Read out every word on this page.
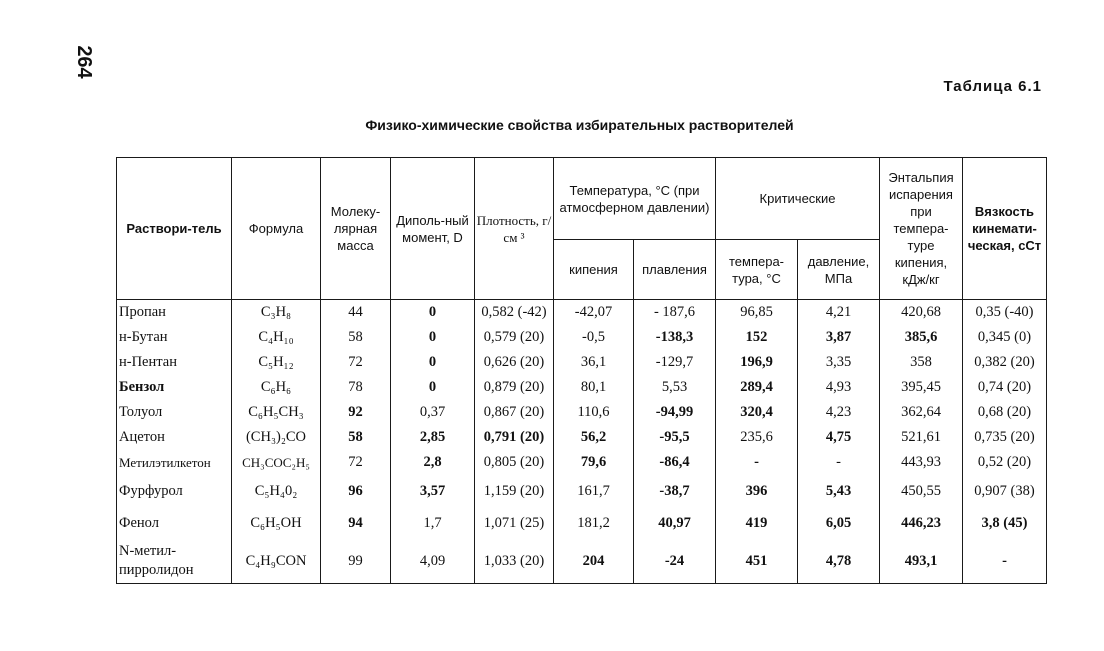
264
Таблица 6.1
Физико-химические свойства избирательных растворителей
Раствори-тель	Формула	Молеку-лярная масса	Диполь-ный момент, D	Плотность, г/см ³	Температура, °С (при атмосферном давлении)		Критические		Энтальпия испарения при темпера-туре кипения, кДж/кг	Вязкость кинемати-ческая, сСт
					кипения	плавления	темпера-тура, °С	давление, МПа		
Пропан	C₃H₈	44	0	0,582 (-42)	-42,07	- 187,6	96,85	4,21	420,68	0,35 (-40)
н-Бутан	C₄H₁₀	58	0	0,579 (20)	-0,5	-138,3	152	3,87	385,6	0,345 (0)
н-Пентан	C₅H₁₂	72	0	0,626 (20)	36,1	-129,7	196,9	3,35	358	0,382 (20)
Бензол	C₆H₆	78	0	0,879 (20)	80,1	5,53	289,4	4,93	395,45	0,74 (20)
Толуол	C₆H₅CH₃	92	0,37	0,867 (20)	110,6	-94,99	320,4	4,23	362,64	0,68 (20)
Ацетон	(CH₃)₂CO	58	2,85	0,791 (20)	56,2	-95,5	235,6	4,75	521,61	0,735 (20)
Метилэтилкетон	CH₃COC₂H₅	72	2,8	0,805 (20)	79,6	-86,4	-	-	443,93	0,52 (20)
Фурфурол	C₅H₄0₂	96	3,57	1,159 (20)	161,7	-38,7	396	5,43	450,55	0,907 (38)
Фенол	C₆H₅OH	94	1,7	1,071 (25)	181,2	40,97	419	6,05	446,23	3,8 (45)
N-метил-пирролидон	C₄H₉CON	99	4,09	1,033 (20)	204	-24	451	4,78	493,1	-
